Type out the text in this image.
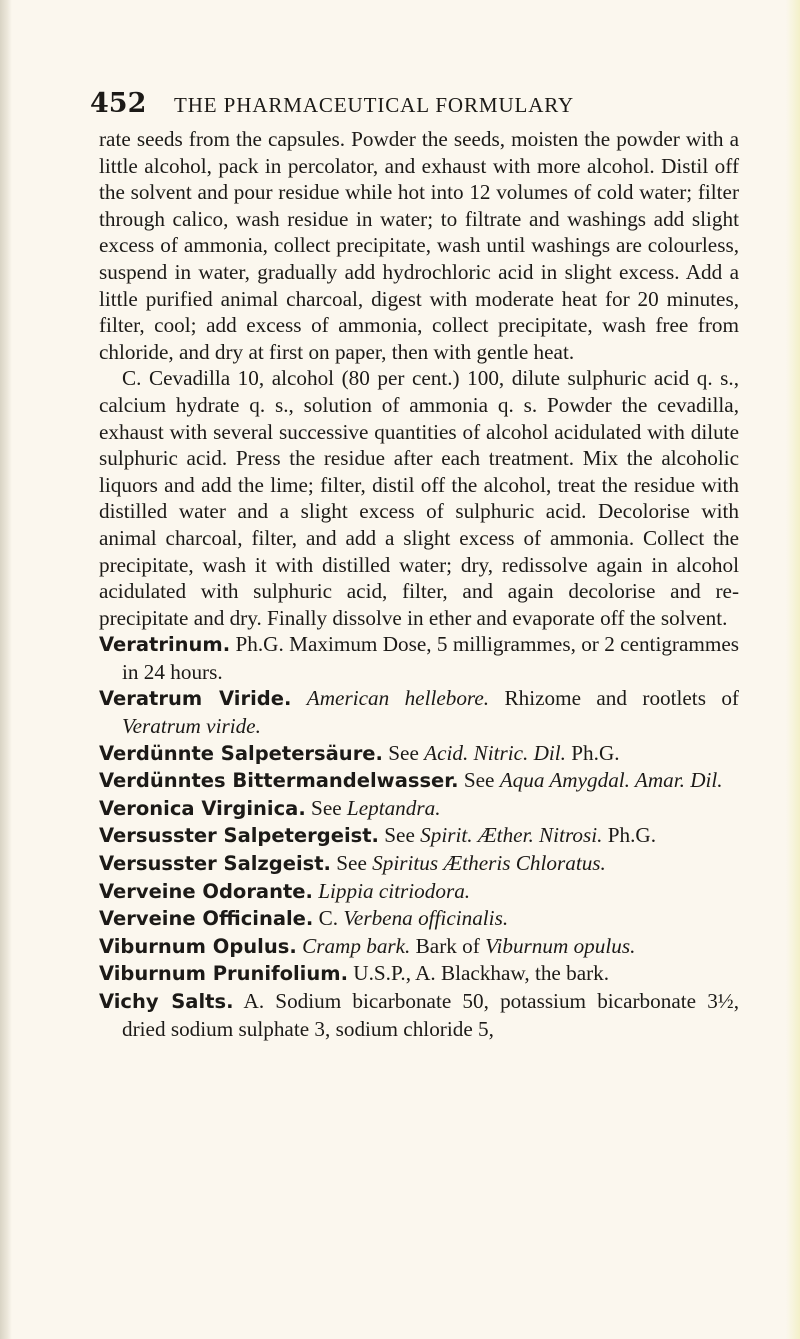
452	THE PHARMACEUTICAL FORMULARY

rate seeds from the capsules. Powder the seeds, moisten the powder with a little alcohol, pack in percolator, and exhaust with more alcohol. Distil off the solvent and pour residue while hot into 12 volumes of cold water; filter through calico, wash residue in water; to filtrate and washings add slight excess of ammonia, collect precipitate, wash until washings are colourless, suspend in water, gradually add hydrochloric acid in slight excess. Add a little purified animal charcoal, digest with moderate heat for 20 minutes, filter, cool; add excess of ammonia, collect precipitate, wash free from chloride, and dry at first on paper, then with gentle heat.

C. Cevadilla 10, alcohol (80 per cent.) 100, dilute sulphuric acid q. s., calcium hydrate q. s., solution of ammonia q. s. Powder the cevadilla, exhaust with several successive quantities of alcohol acidulated with dilute sulphuric acid. Press the residue after each treatment. Mix the alcoholic liquors and add the lime; filter, distil off the alcohol, treat the residue with distilled water and a slight excess of sulphuric acid. Decolorise with animal charcoal, filter, and add a slight excess of ammonia. Collect the precipitate, wash it with distilled water; dry, redissolve again in alcohol acidulated with sulphuric acid, filter, and again decolorise and re-precipitate and dry. Finally dissolve in ether and evaporate off the solvent.

Veratrinum. Ph.G. Maximum Dose, 5 milligrammes, or 2 centigrammes in 24 hours.

Veratrum Viride. American hellebore. Rhizome and rootlets of Veratrum viride.

Verdünnte Salpetersäure. See Acid. Nitric. Dil. Ph.G.

Verdünntes Bittermandelwasser. See Aqua Amygdal. Amar. Dil.

Veronica Virginica. See Leptandra.

Versusster Salpetergeist. See Spirit. Æther. Nitrosi. Ph.G.

Versusster Salzgeist. See Spiritus Ætheris Chloratus.

Verveine Odorante. Lippia citriodora.

Verveine Officinale. C. Verbena officinalis.

Viburnum Opulus. Cramp bark. Bark of Viburnum opulus.

Viburnum Prunifolium. U.S.P., A. Blackhaw, the bark.

Vichy Salts. A. Sodium bicarbonate 50, potassium bicarbonate 3½, dried sodium sulphate 3, sodium chloride 5,
